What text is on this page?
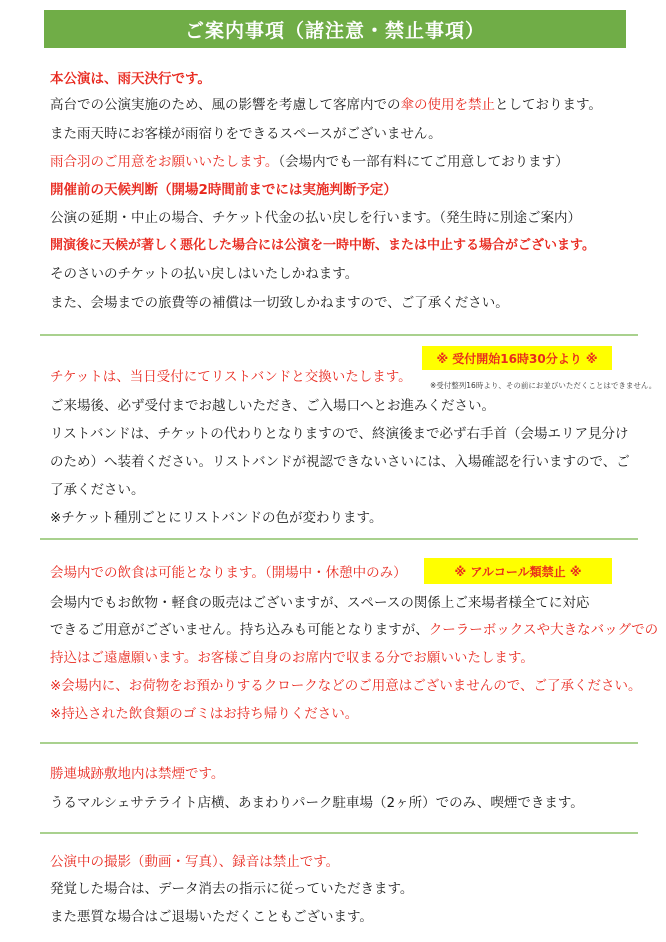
ご案内事項（諸注意・禁止事項）
本公演は、雨天決行です。
高台での公演実施のため、風の影響を考慮して客席内での傘の使用を禁止としております。
また雨天時にお客様が雨宿りをできるスペースがございません。
雨合羽のご用意をお願いいたします。（会場内でも一部有料にてご用意しております）
開催前の天候判断（開場2時間前までには実施判断予定）
公演の延期・中止の場合、チケット代金の払い戻しを行います。（発生時に別途ご案内）
開演後に天候が著しく悪化した場合には公演を一時中断、または中止する場合がございます。
そのさいのチケットの払い戻しはいたしかねます。
また、会場までの旅費等の補償は一切致しかねますので、ご了承ください。
※ 受付開始16時30分より ※
チケットは、当日受付にてリストバンドと交換いたします。
※受付整列16時より、その前にお並びいただくことはできません。
ご来場後、必ず受付までお越しいただき、ご入場口へとお進みください。
リストバンドは、チケットの代わりとなりますので、終演後まで必ず右手首（会場エリア見分け
のため）へ装着ください。リストバンドが視認できないさいには、入場確認を行いますので、ご
了承ください。
※チケット種別ごとにリストバンドの色が変わります。
会場内での飲食は可能となります。（開場中・休憩中のみ）	※ アルコール類禁止 ※
会場内でもお飲物・軽食の販売はございますが、スペースの関係上ご来場者様全てに対応
できるご用意がございません。持ち込みも可能となりますが、クーラーボックスや大きなバッグでの
持込はご遠慮願います。お客様ご自身のお席内で収まる分でお願いいたします。
※会場内に、お荷物をお預かりするクロークなどのご用意はございませんので、ご了承ください。
※持込された飲食類のゴミはお持ち帰りください。
勝連城跡敷地内は禁煙です。
うるマルシェサテライト店横、あまわりパーク駐車場（2ヶ所）でのみ、喫煙できます。
公演中の撮影（動画・写真）、録音は禁止です。
発覚した場合は、データ消去の指示に従っていただきます。
また悪質な場合はご退場いただくこともございます。
